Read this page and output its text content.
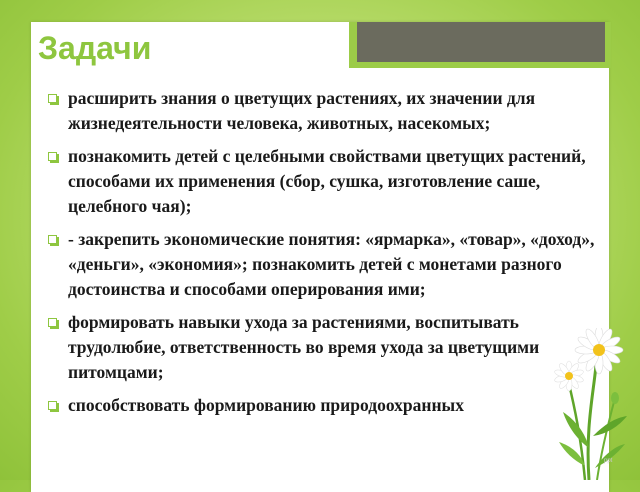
Задачи
расширить знания о цветущих растениях, их значении для жизнедеятельности человека, животных, насекомых;
познакомить детей с целебными свойствами цветущих растений, способами их применения (сбор, сушка, изготовление саше, целебного чая);
- закрепить экономические понятия: «ярмарка», «товар», «доход», «деньги», «экономия»; познакомить детей с монетами разного достоинства и способами оперирования ими;
формировать навыки ухода за растениями, воспитывать трудолюбие, ответственность во время ухода за цветущими питомцами;
способствовать формированию природоохранных
ppt
